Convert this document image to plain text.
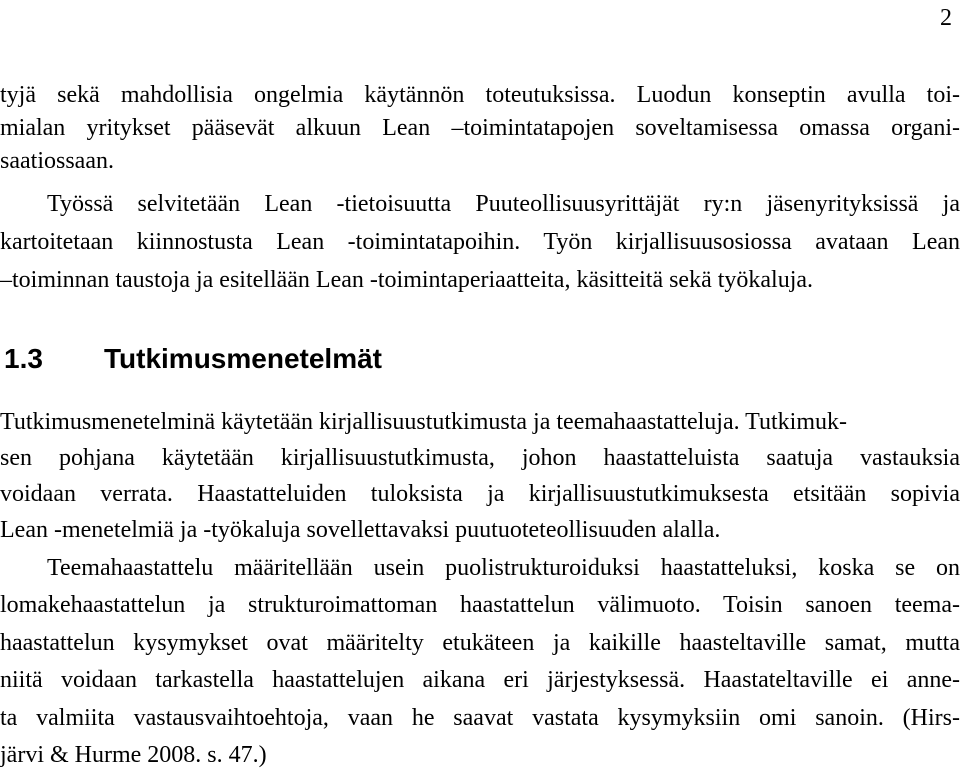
2
tyjä sekä mahdollisia ongelmia käytännön toteutuksissa. Luodun konseptin avulla toi-
mialan yritykset pääsevät alkuun Lean –toimintatapojen soveltamisessa omassa organi-
saatiossaan.
Työssä selvitetään Lean -tietoisuutta Puuteollisuusyrittäjät ry:n jäsenyrityksissä ja
kartoitetaan kiinnostusta Lean -toimintatapoihin. Työn kirjallisuusosiossa avataan Lean
–toiminnan taustoja ja esitellään Lean -toimintaperiaatteita, käsitteitä sekä työkaluja.
1.3 Tutkimusmenetelmät
Tutkimusmenetelminä käytetään kirjallisuustutkimusta ja teemahaastatteluja. Tutkimuk-
sen pohjana käytetään kirjallisuustutkimusta, johon haastatteluista saatuja vastauksia
voidaan verrata. Haastatteluiden tuloksista ja kirjallisuustutkimuksesta etsitään sopivia
Lean -menetelmiä ja -työkaluja sovellettavaksi puutuoteteollisuuden alalla.
Teemahaastattelu määritellään usein puolistrukturoiduksi haastatteluksi, koska se on
lomakehaastattelun ja strukturoimattoman haastattelun välimuoto. Toisin sanoen teema-
haastattelun kysymykset ovat määritelty etukäteen ja kaikille haasteltaville samat, mutta
niitä voidaan tarkastella haastattelujen aikana eri järjestyksessä. Haastateltaville ei anne-
ta valmiita vastausvaihtoehtoja, vaan he saavat vastata kysymyksiin omi sanoin. (Hirs-
järvi & Hurme 2008. s. 47.)
